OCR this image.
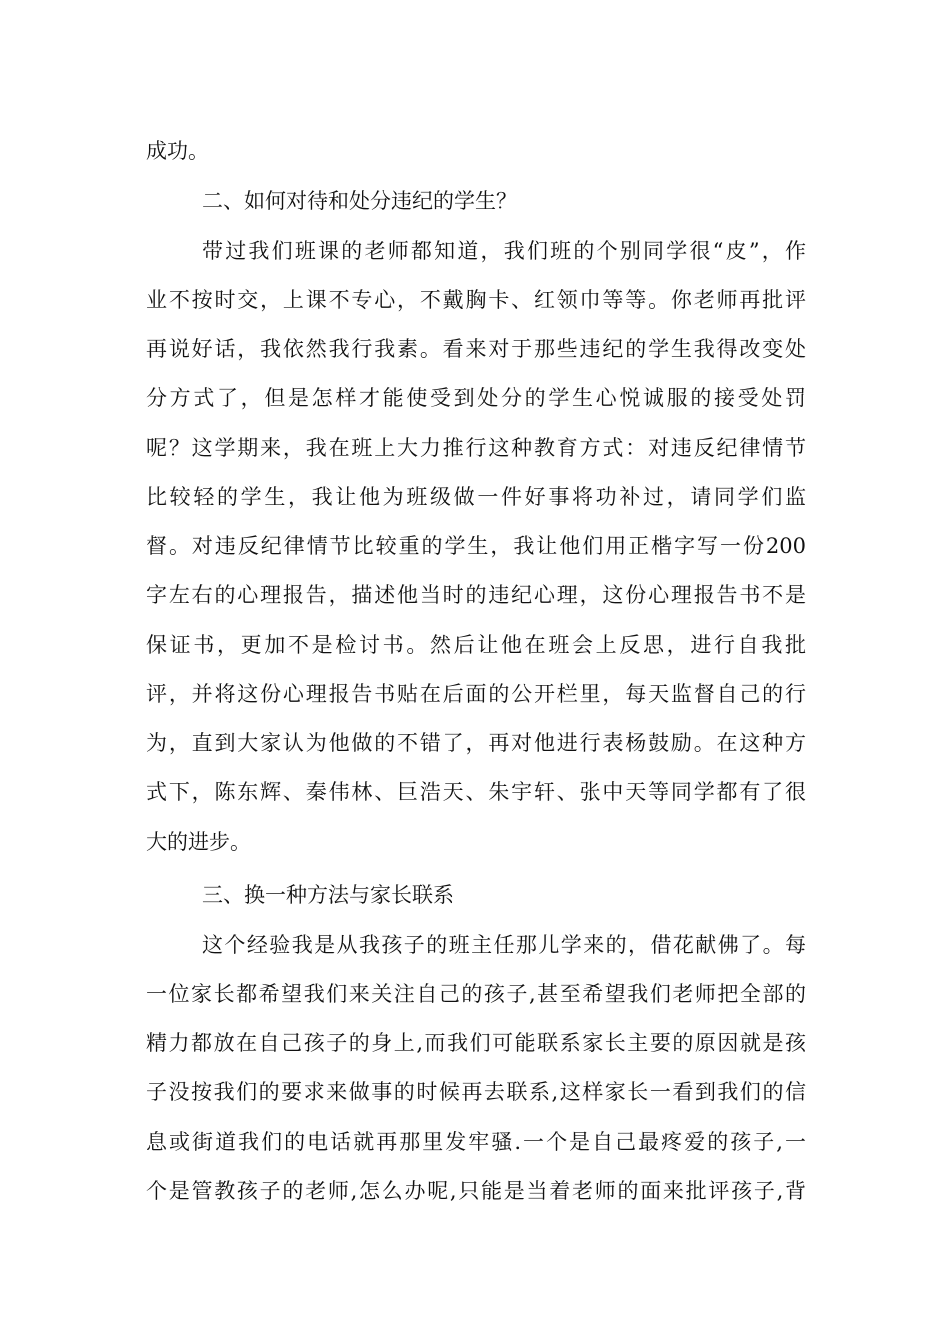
成功。
二、如何对待和处分违纪的学生？
带过我们班课的老师都知道，我们班的个别同学很“皮”，作
业不按时交，上课不专心，不戴胸卡、红领巾等等。你老师再批评
再说好话，我依然我行我素。看来对于那些违纪的学生我得改变处
分方式了，但是怎样才能使受到处分的学生心悦诚服的接受处罚
呢？这学期来，我在班上大力推行这种教育方式：对违反纪律情节
比较轻的学生，我让他为班级做一件好事将功补过，请同学们监
督。对违反纪律情节比较重的学生，我让他们用正楷字写一份200
字左右的心理报告，描述他当时的违纪心理，这份心理报告书不是
保证书，更加不是检讨书。然后让他在班会上反思，进行自我批
评，并将这份心理报告书贴在后面的公开栏里，每天监督自己的行
为，直到大家认为他做的不错了，再对他进行表杨鼓励。在这种方
式下，陈东辉、秦伟林、巨浩天、朱宇轩、张中天等同学都有了很
大的进步。
三、换一种方法与家长联系
这个经验我是从我孩子的班主任那儿学来的，借花献佛了。每
一位家长都希望我们来关注自己的孩子,甚至希望我们老师把全部的
精力都放在自己孩子的身上,而我们可能联系家长主要的原因就是孩
子没按我们的要求来做事的时候再去联系,这样家长一看到我们的信
息或街道我们的电话就再那里发牢骚.一个是自己最疼爱的孩子,一
个是管教孩子的老师,怎么办呢,只能是当着老师的面来批评孩子,背
